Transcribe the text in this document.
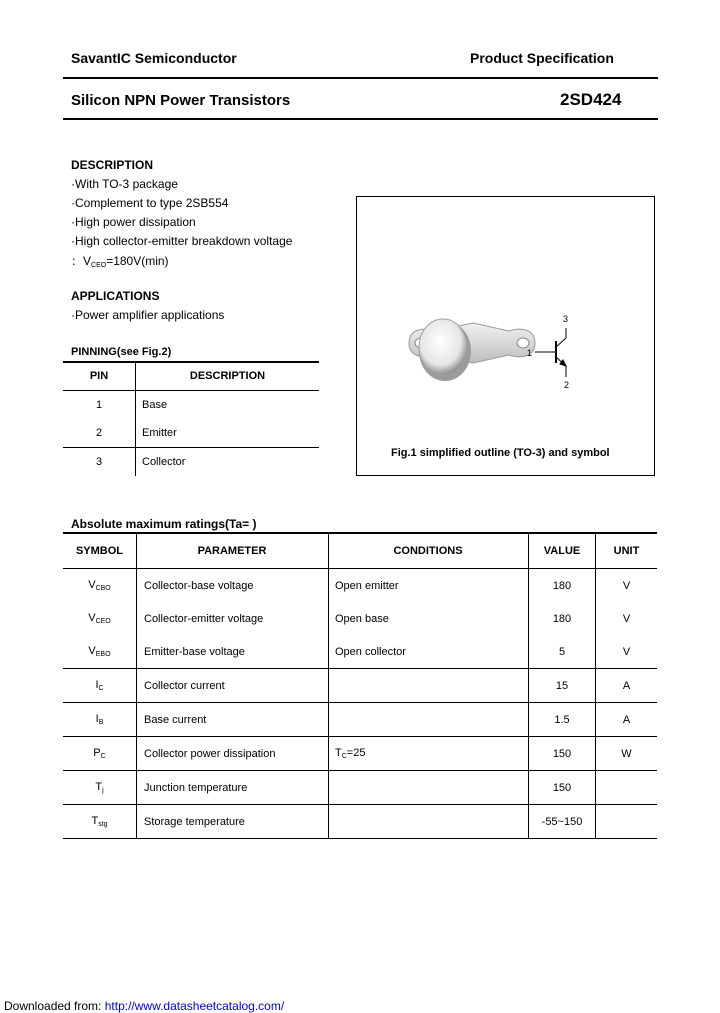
SavantIC Semiconductor	Product Specification
Silicon NPN Power Transistors	2SD424
DESCRIPTION
·With TO-3 package
·Complement to type 2SB554
·High power dissipation
·High collector-emitter breakdown voltage
：$V_{CEO}=180V(\min)$
APPLICATIONS
·Power amplifier applications
PINNING(see Fig.2)
PIN	DESCRIPTION
1	Base
2	Emitter
3	Collector
1
2
3
Fig.1 simplified outline (TO-3) and symbol
Absolute maximum ratings(Ta= )
SYMBOL	PARAMETER	CONDITIONS	VALUE	UNIT
$V_{CBO}$	Collector-base voltage	Open emitter	180	V
$V_{CEO}$	Collector-emitter voltage	Open base	180	V
$V_{EBO}$	Emitter-base voltage	Open collector	5	V
$I_C$	Collector current		15	A
$I_B$	Base current		1.5	A
$P_C$	Collector power dissipation	$T_C=25$	150	W
$T_j$	Junction temperature		150	
$T_{stg}$	Storage temperature		-55~150	
Downloaded from: http://www.datasheetcatalog.com/
